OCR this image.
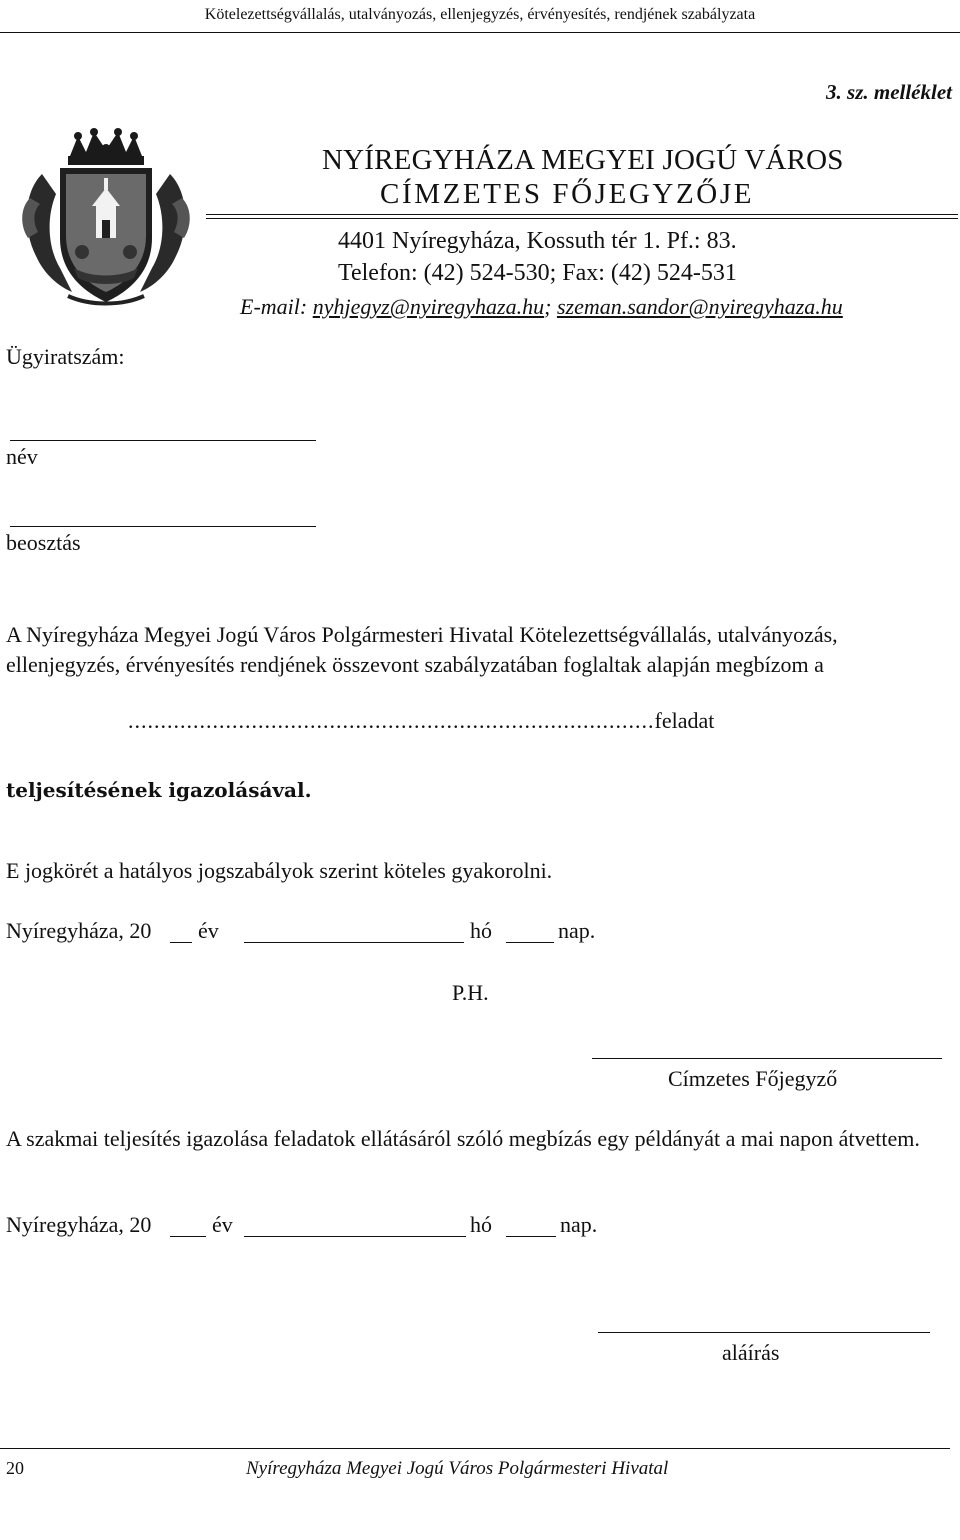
Kötelezettségvállalás, utalványozás, ellenjegyzés, érvényesítés, rendjének szabályzata
3. sz. melléklet
NYÍREGYHÁZA MEGYEI JOGÚ VÁROS
CÍMZETES FŐJEGYZŐJE
4401 Nyíregyháza, Kossuth tér 1. Pf.: 83.
Telefon: (42) 524-530; Fax: (42) 524-531
E-mail: nyhjegyz@nyiregyhaza.hu; szeman.sandor@nyiregyhaza.hu
Ügyiratszám:
név
beosztás
A Nyíregyháza Megyei Jogú Város Polgármesteri Hivatal Kötelezettségvállalás, utalványozás, ellenjegyzés, érvényesítés rendjének összevont szabályzatában foglaltak alapján megbízom a
.................................................................................feladat
teljesítésének igazolásával.
E jogkörét a hatályos jogszabályok szerint köteles gyakorolni.
Nyíregyháza, 20 év	hó	nap.
P.H.
Címzetes Főjegyző
A szakmai teljesítés igazolása feladatok ellátásáról szóló megbízás egy példányát a mai napon átvettem.
Nyíregyháza, 20	év	hó	nap.
aláírás
20	Nyíregyháza Megyei Jogú Város Polgármesteri Hivatal
